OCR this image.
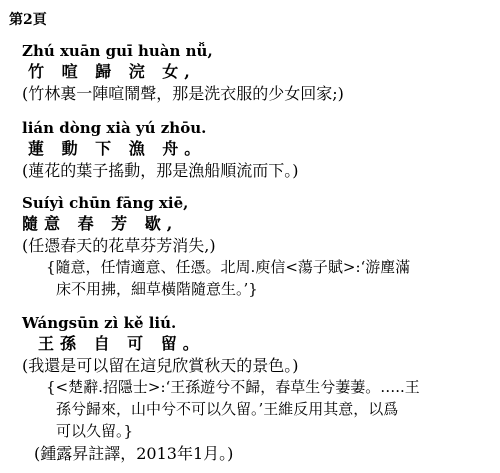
第2頁
Zhú xuān guī huàn nǚ,
竹 喧 歸 浣 女,
(竹林裏一陣喧鬧聲，那是洗衣服的少女回家;)
lián dòng xià yú zhōu.
蓮 動 下 漁 舟。
(蓮花的葉子搖動，那是漁船順流而下。)
Suíyì chūn fāng xiē,
隨意 春 芳 歇,
(任憑春天的花草芬芳消失,)
{隨意，任情適意、任憑。北周.庾信<蕩子賦>:‘游塵滿
床不用拂，細草橫階隨意生。’}
Wángsūn zì kě liú.
王孫 自 可 留。
(我還是可以留在這兒欣賞秋天的景色。)
{<楚辭.招隱士>:‘王孫遊兮不歸，春草生兮萋萋。…..王
孫兮歸來，山中兮不可以久留。’王維反用其意，以爲
可以久留。}
(鍾露昇註譯，2013年1月。)
